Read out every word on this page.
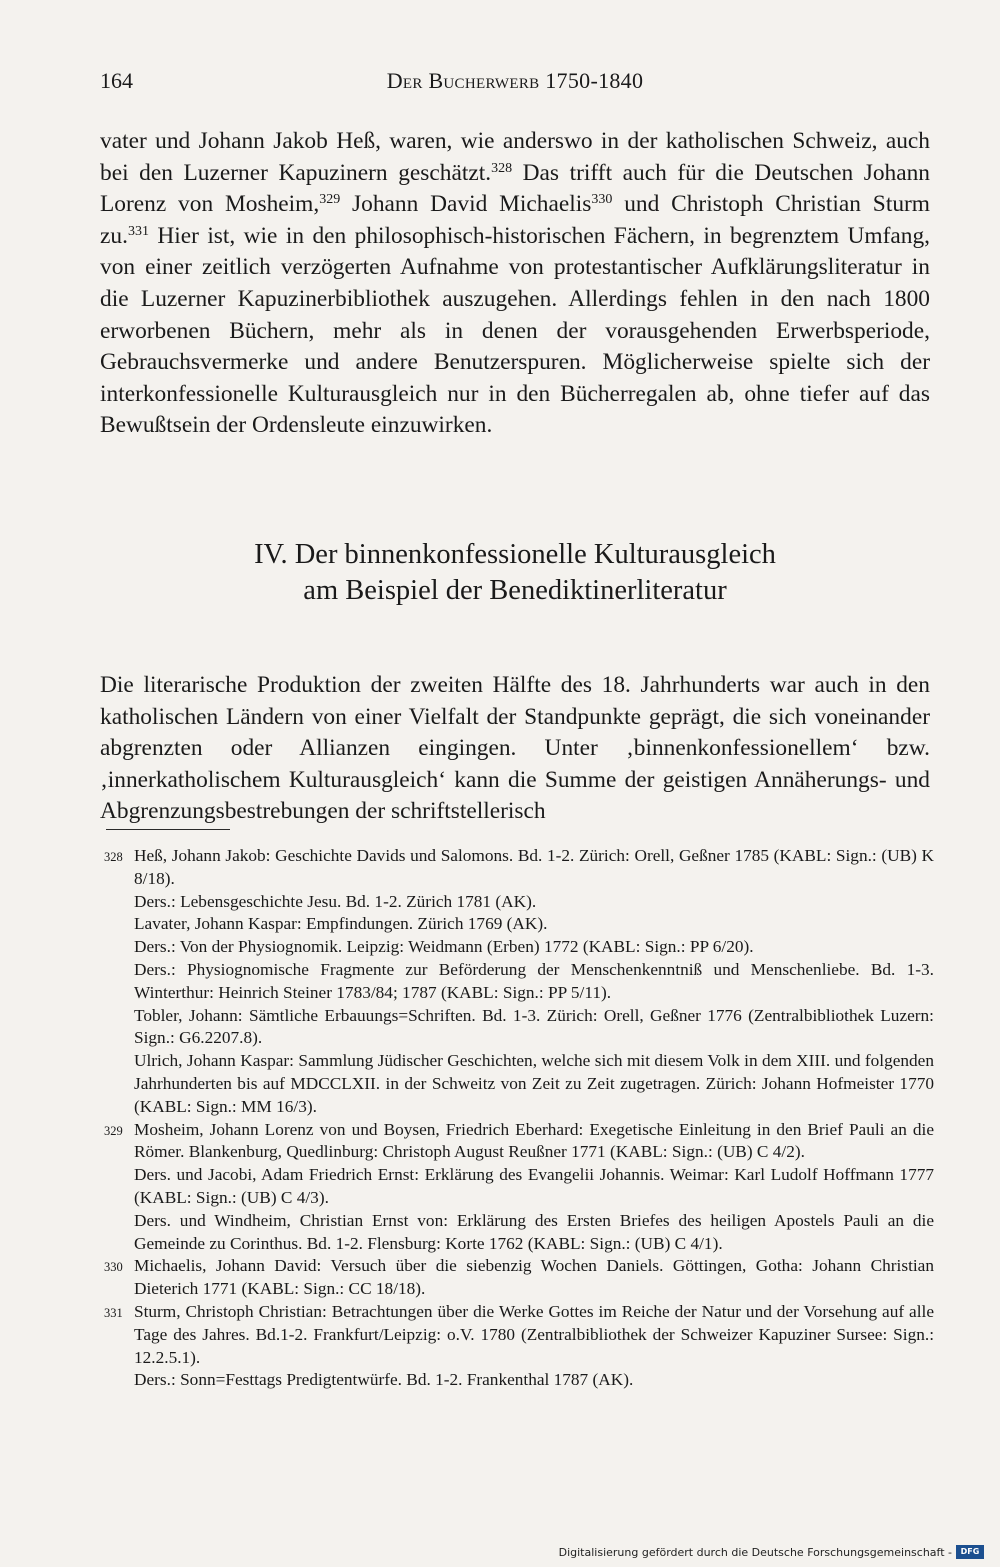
164	Der Bucherwerb 1750-1840

vater und Johann Jakob Heß, waren, wie anderswo in der katholischen Schweiz, auch bei den Luzerner Kapuzinern geschätzt.$^{328}$ Das trifft auch für die Deutschen Johann Lorenz von Mosheim,$^{329}$ Johann David Michaelis$^{330}$ und Christoph Christian Sturm zu.$^{331}$ Hier ist, wie in den philosophisch-historischen Fächern, in begrenztem Umfang, von einer zeitlich verzögerten Aufnahme von protestantischer Aufklärungsliteratur in die Luzerner Kapuzinerbibliothek auszugehen. Allerdings fehlen in den nach 1800 erworbenen Büchern, mehr als in denen der vorausgehenden Erwerbsperiode, Gebrauchsvermerke und andere Benutzerspuren. Möglicherweise spielte sich der interkonfessionelle Kulturausgleich nur in den Bücherregalen ab, ohne tiefer auf das Bewußtsein der Ordensleute einzuwirken.

IV. Der binnenkonfessionelle Kulturausgleich
am Beispiel der Benediktinerliteratur

Die literarische Produktion der zweiten Hälfte des 18. Jahrhunderts war auch in den katholischen Ländern von einer Vielfalt der Standpunkte geprägt, die sich voneinander abgrenzten oder Allianzen eingingen. Unter ‚binnenkonfessionellem‘ bzw. ‚innerkatholischem Kulturausgleich‘ kann die Summe der geistigen Annäherungs- und Abgrenzungsbestrebungen der schriftstellerisch

328 Heß, Johann Jakob: Geschichte Davids und Salomons. Bd. 1-2. Zürich: Orell, Geßner 1785 (KABL: Sign.: (UB) K 8/18).
Ders.: Lebensgeschichte Jesu. Bd. 1-2. Zürich 1781 (AK).
Lavater, Johann Kaspar: Empfindungen. Zürich 1769 (AK).
Ders.: Von der Physiognomik. Leipzig: Weidmann (Erben) 1772 (KABL: Sign.: PP 6/20).
Ders.: Physiognomische Fragmente zur Beförderung der Menschenkenntniß und Menschenliebe. Bd. 1-3. Winterthur: Heinrich Steiner 1783/84; 1787 (KABL: Sign.: PP 5/11).
Tobler, Johann: Sämtliche Erbauungs=Schriften. Bd. 1-3. Zürich: Orell, Geßner 1776 (Zentralbibliothek Luzern: Sign.: G6.2207.8).
Ulrich, Johann Kaspar: Sammlung Jüdischer Geschichten, welche sich mit diesem Volk in dem XIII. und folgenden Jahrhunderten bis auf MDCCLXII. in der Schweitz von Zeit zu Zeit zugetragen. Zürich: Johann Hofmeister 1770 (KABL: Sign.: MM 16/3).
329 Mosheim, Johann Lorenz von und Boysen, Friedrich Eberhard: Exegetische Einleitung in den Brief Pauli an die Römer. Blankenburg, Quedlinburg: Christoph August Reußner 1771 (KABL: Sign.: (UB) C 4/2).
Ders. und Jacobi, Adam Friedrich Ernst: Erklärung des Evangelii Johannis. Weimar: Karl Ludolf Hoffmann 1777 (KABL: Sign.: (UB) C 4/3).
Ders. und Windheim, Christian Ernst von: Erklärung des Ersten Briefes des heiligen Apostels Pauli an die Gemeinde zu Corinthus. Bd. 1-2. Flensburg: Korte 1762 (KABL: Sign.: (UB) C 4/1).
330 Michaelis, Johann David: Versuch über die siebenzig Wochen Daniels. Göttingen, Gotha: Johann Christian Dieterich 1771 (KABL: Sign.: CC 18/18).
331 Sturm, Christoph Christian: Betrachtungen über die Werke Gottes im Reiche der Natur und der Vorsehung auf alle Tage des Jahres. Bd.1-2. Frankfurt/Leipzig: o.V. 1780 (Zentralbibliothek der Schweizer Kapuziner Sursee: Sign.: 12.2.5.1).
Ders.: Sonn=Festtags Predigtentwürfe. Bd. 1-2. Frankenthal 1787 (AK).
Digitalisierung gefördert durch die Deutsche Forschungsgemeinschaft -	DFG
